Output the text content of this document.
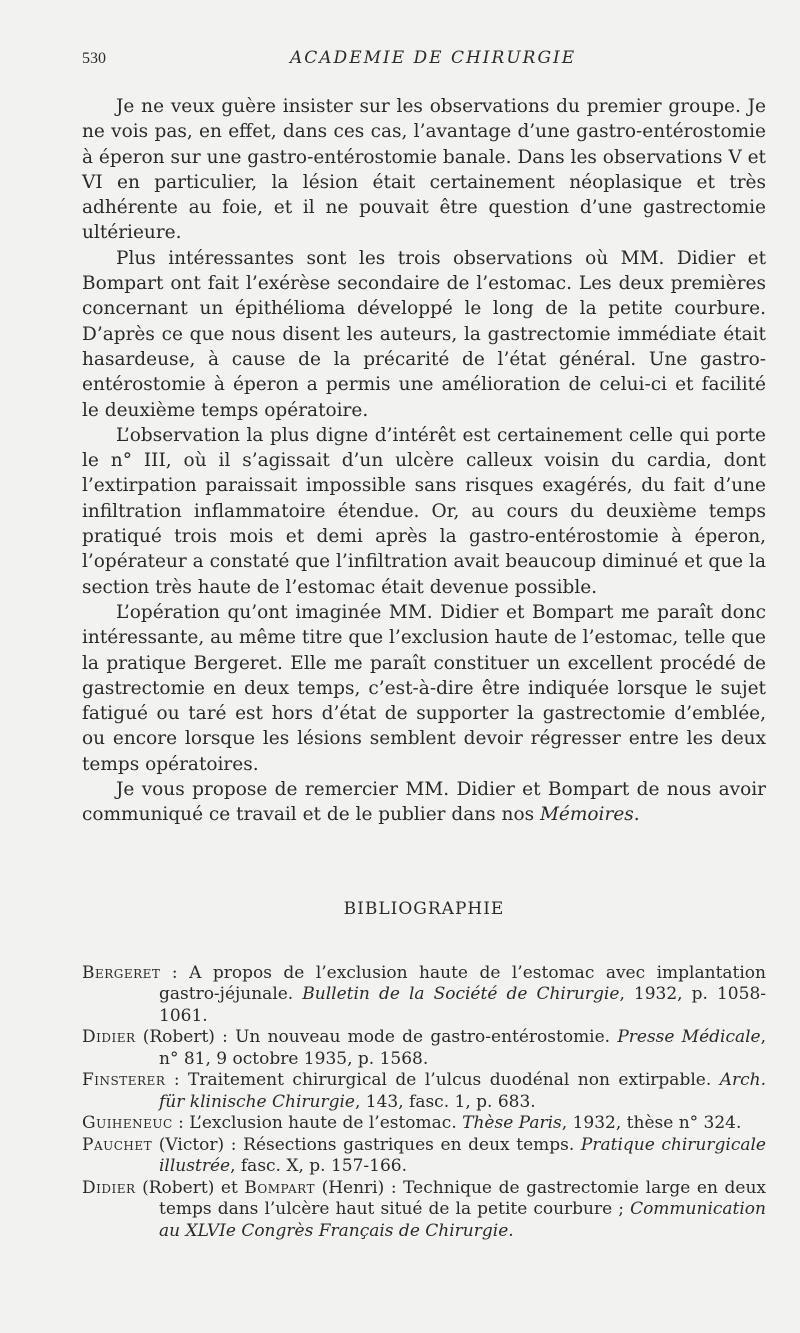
530	ACADEMIE DE CHIRURGIE

Je ne veux guère insister sur les observations du premier groupe. Je ne vois pas, en effet, dans ces cas, l’avantage d’une gastro-entérostomie à éperon sur une gastro-entérostomie banale. Dans les observations V et VI en particulier, la lésion était certainement néoplasique et très adhérente au foie, et il ne pouvait être question d’une gastrectomie ultérieure.

Plus intéressantes sont les trois observations où MM. Didier et Bompart ont fait l’exérèse secondaire de l’estomac. Les deux premières concernant un épithélioma développé le long de la petite courbure. D’après ce que nous disent les auteurs, la gastrectomie immédiate était hasardeuse, à cause de la précarité de l’état général. Une gastro-entérostomie à éperon a permis une amélioration de celui-ci et facilité le deuxième temps opératoire.

L’observation la plus digne d’intérêt est certainement celle qui porte le n° III, où il s’agissait d’un ulcère calleux voisin du cardia, dont l’extirpation paraissait impossible sans risques exagérés, du fait d’une infiltration inflammatoire étendue. Or, au cours du deuxième temps pratiqué trois mois et demi après la gastro-entérostomie à éperon, l’opérateur a constaté que l’infiltration avait beaucoup diminué et que la section très haute de l’estomac était devenue possible.

L’opération qu’ont imaginée MM. Didier et Bompart me paraît donc intéressante, au même titre que l’exclusion haute de l’estomac, telle que la pratique Bergeret. Elle me paraît constituer un excellent procédé de gastrectomie en deux temps, c’est-à-dire être indiquée lorsque le sujet fatigué ou taré est hors d’état de supporter la gastrectomie d’emblée, ou encore lorsque les lésions semblent devoir régresser entre les deux temps opératoires.

Je vous propose de remercier MM. Didier et Bompart de nous avoir communiqué ce travail et de le publier dans nos Mémoires.

BIBLIOGRAPHIE

Bergeret : A propos de l’exclusion haute de l’estomac avec implantation gastro-jéjunale. Bulletin de la Société de Chirurgie, 1932, p. 1058-1061.

Didier (Robert) : Un nouveau mode de gastro-entérostomie. Presse Médicale, n° 81, 9 octobre 1935, p. 1568.

Finsterer : Traitement chirurgical de l’ulcus duodénal non extirpable. Arch. für klinische Chirurgie, 143, fasc. 1, p. 683.

Guiheneuc : L’exclusion haute de l’estomac. Thèse Paris, 1932, thèse n° 324.

Pauchet (Victor) : Résections gastriques en deux temps. Pratique chirurgicale illustrée, fasc. X, p. 157-166.

Didier (Robert) et Bompart (Henri) : Technique de gastrectomie large en deux temps dans l’ulcère haut situé de la petite courbure ; Communication au XLVIe Congrès Français de Chirurgie.
